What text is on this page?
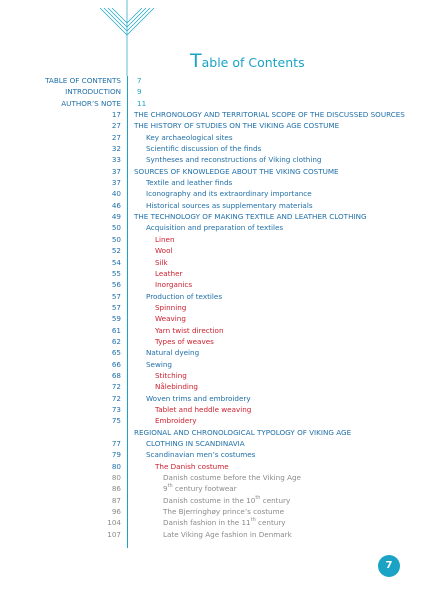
Table of Contents
TABLE OF CONTENTS 7
INTRODUCTION 9
AUTHOR’S NOTE 11
17 THE CHRONOLOGY AND TERRITORIAL SCOPE OF THE DISCUSSED SOURCES
27 THE HISTORY OF STUDIES ON THE VIKING AGE COSTUME
27	Key archaeological sites
32	Scientific discussion of the finds
33	Syntheses and reconstructions of Viking clothing
37 SOURCES OF KNOWLEDGE ABOUT THE VIKING COSTUME
37	Textile and leather finds
40	Iconography and its extraordinary importance
46	Historical sources as supplementary materials
49 THE TECHNOLOGY OF MAKING TEXTILE AND LEATHER CLOTHING
50	Acquisition and preparation of textiles
50	Linen
52	Wool
54	Silk
55	Leather
56	Inorganics
57	Production of textiles
57	Spinning
59	Weaving
61	Yarn twist direction
62	Types of weaves
65	Natural dyeing
66	Sewing
68	Stitching
72	Nålebinding
72	Woven trims and embroidery
73	Tablet and heddle weaving
75	Embroidery
REGIONAL AND CHRONOLOGICAL TYPOLOGY OF VIKING AGE
77	CLOTHING IN SCANDINAVIA
79	Scandinavian men’s costumes
80	The Danish costume
80	Danish costume before the Viking Age
86	9th century footwear
87	Danish costume in the 10th century
96	The Bjerringhøy prince’s costume
104	Danish fashion in the 11th century
107	Late Viking Age fashion in Denmark
7
